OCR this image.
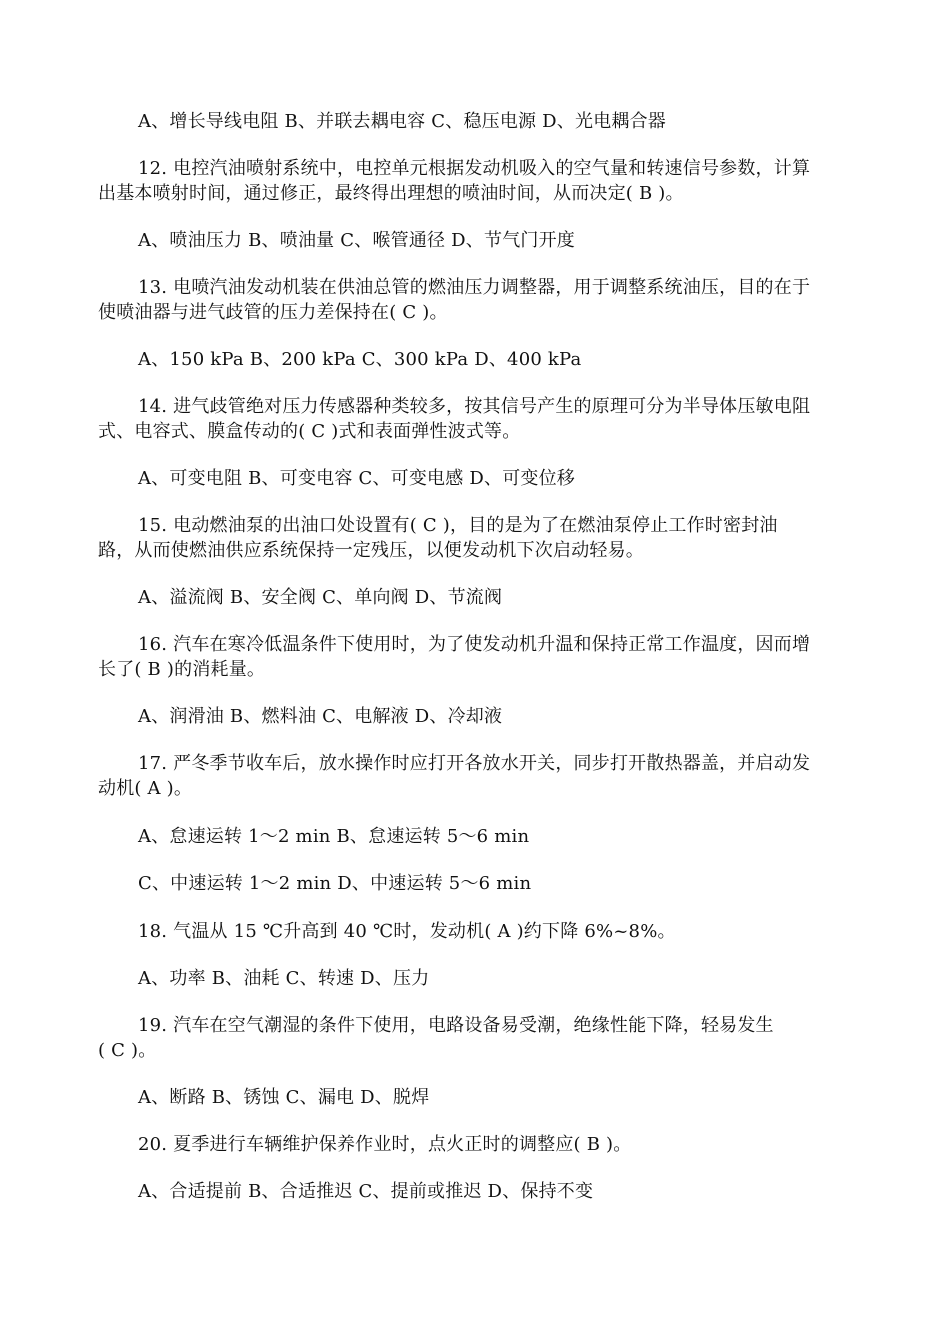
A、增长导线电阻 B、并联去耦电容 C、稳压电源 D、光电耦合器
12. 电控汽油喷射系统中，电控单元根据发动机吸入的空气量和转速信号参数，计算
出基本喷射时间，通过修正，最终得出理想的喷油时间，从而决定( B )。
A、喷油压力 B、喷油量 C、喉管通径 D、节气门开度
13. 电喷汽油发动机装在供油总管的燃油压力调整器，用于调整系统油压，目的在于
使喷油器与进气歧管的压力差保持在( C )。
A、150 kPa B、200 kPa C、300 kPa D、400 kPa
14. 进气歧管绝对压力传感器种类较多，按其信号产生的原理可分为半导体压敏电阻
式、电容式、膜盒传动的( C )式和表面弹性波式等。
A、可变电阻 B、可变电容 C、可变电感 D、可变位移
15. 电动燃油泵的出油口处设置有( C )，目的是为了在燃油泵停止工作时密封油
路，从而使燃油供应系统保持一定残压，以便发动机下次启动轻易。
A、溢流阀 B、安全阀 C、单向阀 D、节流阀
16. 汽车在寒冷低温条件下使用时，为了使发动机升温和保持正常工作温度，因而增
长了( B )的消耗量。
A、润滑油 B、燃料油 C、电解液 D、冷却液
17. 严冬季节收车后，放水操作时应打开各放水开关，同步打开散热器盖，并启动发
动机( A )。
A、怠速运转 1～2 min B、怠速运转 5～6 min
C、中速运转 1～2 min D、中速运转 5～6 min
18. 气温从 15 ℃升高到 40 ℃时，发动机( A )约下降 6%~8%。
A、功率 B、油耗 C、转速 D、压力
19. 汽车在空气潮湿的条件下使用，电路设备易受潮，绝缘性能下降，轻易发生
( C )。
A、断路 B、锈蚀 C、漏电 D、脱焊
20. 夏季进行车辆维护保养作业时，点火正时的调整应( B )。
A、合适提前 B、合适推迟 C、提前或推迟 D、保持不变
